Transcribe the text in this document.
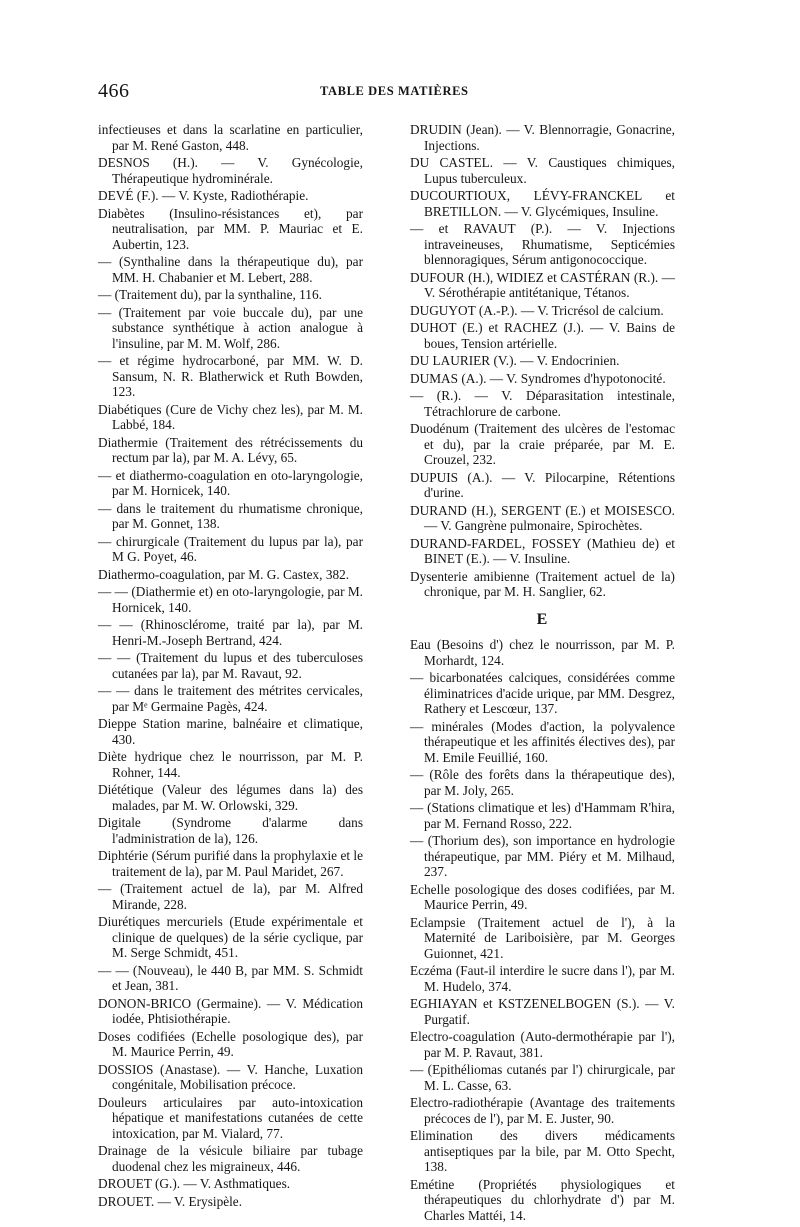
466	TABLE DES MATIÈRES
infectieuses et dans la scarlatine en particulier, par M. René Gaston, 448.
DESNOS (H.). — V. Gynécologie, Thérapeutique hydrominérale.
DEVÉ (F.). — V. Kyste, Radiothérapie.
Diabètes (Insulino-résistances et), par neutralisation, par MM. P. Mauriac et E. Aubertin, 123.
— (Synthaline dans la thérapeutique du), par MM. H. Chabanier et M. Lebert, 288.
— (Traitement du), par la synthaline, 116.
— (Traitement par voie buccale du), par une substance synthétique à action analogue à l'insuline, par M. M. Wolf, 286.
— et régime hydrocarboné, par MM. W. D. Sansum, N. R. Blatherwick et Ruth Bowden, 123.
Diabétiques (Cure de Vichy chez les), par M. M. Labbé, 184.
Diathermie (Traitement des rétrécissements du rectum par la), par M. A. Lévy, 65.
— et diathermo-coagulation en oto-laryngologie, par M. Hornicek, 140.
— dans le traitement du rhumatisme chronique, par M. Gonnet, 138.
— chirurgicale (Traitement du lupus par la), par M G. Poyet, 46.
Diathermo-coagulation, par M. G. Castex, 382.
— — (Diathermie et) en oto-laryngologie, par M. Hornicek, 140.
— — (Rhinosclérome, traité par la), par M. Henri-M.-Joseph Bertrand, 424.
— — (Traitement du lupus et des tuberculoses cutanées par la), par M. Ravaut, 92.
— — dans le traitement des métrites cervicales, par Mᵉ Germaine Pagès, 424.
Dieppe Station marine, balnéaire et climatique, 430.
Diète hydrique chez le nourrisson, par M. P. Rohner, 144.
Diététique (Valeur des légumes dans la) des malades, par M. W. Orlowski, 329.
Digitale (Syndrome d'alarme dans l'administration de la), 126.
Diphtérie (Sérum purifié dans la prophylaxie et le traitement de la), par M. Paul Maridet, 267.
— (Traitement actuel de la), par M. Alfred Mirande, 228.
Diurétiques mercuriels (Etude expérimentale et clinique de quelques) de la série cyclique, par M. Serge Schmidt, 451.
— — (Nouveau), le 440 B, par MM. S. Schmidt et Jean, 381.
DONON-BRICO (Germaine). — V. Médication iodée, Phtisiothérapie.
Doses codifiées (Echelle posologique des), par M. Maurice Perrin, 49.
DOSSIOS (Anastase). — V. Hanche, Luxation congénitale, Mobilisation précoce.
Douleurs articulaires par auto-intoxication hépatique et manifestations cutanées de cette intoxication, par M. Vialard, 77.
Drainage de la vésicule biliaire par tubage duodenal chez les migraineux, 446.
DROUET (G.). — V. Asthmatiques.
DROUET. — V. Erysipèle.
DRUDIN (Jean). — V. Blennorragie, Gonacrine, Injections.
DU CASTEL. — V. Caustiques chimiques, Lupus tuberculeux.
DUCOURTIOUX, LÉVY-FRANCKEL et BRETILLON. — V. Glycémiques, Insuline.
— et RAVAUT (P.). — V. Injections intraveineuses, Rhumatisme, Septicémies blennoragiques, Sérum antigonococcique.
DUFOUR (H.), WIDIEZ et CASTÉRAN (R.). — V. Sérothérapie antitétanique, Tétanos.
DUGUYOT (A.-P.). — V. Tricrésol de calcium.
DUHOT (E.) et RACHEZ (J.). — V. Bains de boues, Tension artérielle.
DU LAURIER (V.). — V. Endocrinien.
DUMAS (A.). — V. Syndromes d'hypotonocité.
— (R.). — V. Déparasitation intestinale, Tétrachlorure de carbone.
Duodénum (Traitement des ulcères de l'estomac et du), par la craie préparée, par M. E. Crouzel, 232.
DUPUIS (A.). — V. Pilocarpine, Rétentions d'urine.
DURAND (H.), SERGENT (E.) et MOISESCO. — V. Gangrène pulmonaire, Spirochètes.
DURAND-FARDEL, FOSSEY (Mathieu de) et BINET (E.). — V. Insuline.
Dysenterie amibienne (Traitement actuel de la) chronique, par M. H. Sanglier, 62.
E
Eau (Besoins d') chez le nourrisson, par M. P. Morhardt, 124.
— bicarbonatées calciques, considérées comme éliminatrices d'acide urique, par MM. Desgrez, Rathery et Lescœur, 137.
— minérales (Modes d'action, la polyvalence thérapeutique et les affinités électives des), par M. Emile Feuillié, 160.
— (Rôle des forêts dans la thérapeutique des), par M. Joly, 265.
— (Stations climatique et les) d'Hammam R'hira, par M. Fernand Rosso, 222.
— (Thorium des), son importance en hydrologie thérapeutique, par MM. Piéry et M. Milhaud, 237.
Echelle posologique des doses codifiées, par M. Maurice Perrin, 49.
Eclampsie (Traitement actuel de l'), à la Maternité de Lariboisière, par M. Georges Guionnet, 421.
Eczéma (Faut-il interdire le sucre dans l'), par M. M. Hudelo, 374.
EGHIAYAN et KSTZENELBOGEN (S.). — V. Purgatif.
Electro-coagulation (Auto-dermothérapie par l'), par M. P. Ravaut, 381.
— (Epithéliomas cutanés par l') chirurgicale, par M. L. Casse, 63.
Electro-radiothérapie (Avantage des traitements précoces de l'), par M. E. Juster, 90.
Elimination des divers médicaments antiseptiques par la bile, par M. Otto Specht, 138.
Emétine (Propriétés physiologiques et thérapeutiques du chlorhydrate d') par M. Charles Mattéi, 14.
